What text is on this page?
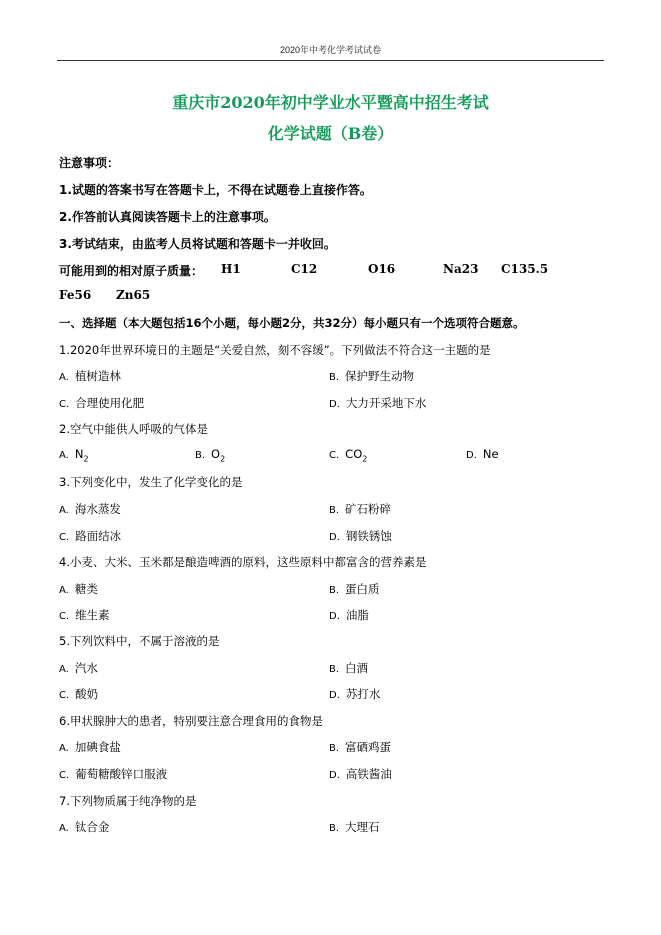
2020年中考化学考试试卷
重庆市2020年初中学业水平暨高中招生考试
化学试题（B卷）
注意事项：
1.试题的答案书写在答题卡上，不得在试题卷上直接作答。
2.作答前认真阅读答题卡上的注意事项。
3.考试结束，由监考人员将试题和答题卡一并收回。
可能用到的相对原子质量： H1	C12	O16	Na23 C135.5
Fe56 Zn65
一、选择题（本大题包括16个小题，每小题2分，共32分）每小题只有一个选项符合题意。
1.2020年世界环境日的主题是“关爱自然，刻不容缓”。下列做法不符合这一主题的是
A. 植树造林	B. 保护野生动物
C. 合理使用化肥	D. 大力开采地下水
2.空气中能供人呼吸的气体是
A. $N_2$	B. $O_2$	C. $CO_2$	D. Ne
3.下列变化中，发生了化学变化的是
A. 海水蒸发	B. 矿石粉碎
C. 路面结冰	D. 钢铁锈蚀
4.小麦、大米、玉米都是酿造啤酒的原料，这些原料中都富含的营养素是
A. 糖类	B. 蛋白质
C. 维生素	D. 油脂
5.下列饮料中，不属于溶液的是
A. 汽水	B. 白酒
C. 酸奶	D. 苏打水
6.甲状腺肿大的患者，特别要注意合理食用的食物是
A. 加碘食盐	B. 富硒鸡蛋
C. 葡萄糖酸锌口服液	D. 高铁酱油
7.下列物质属于纯净物的是
A. 钛合金	B. 大理石
